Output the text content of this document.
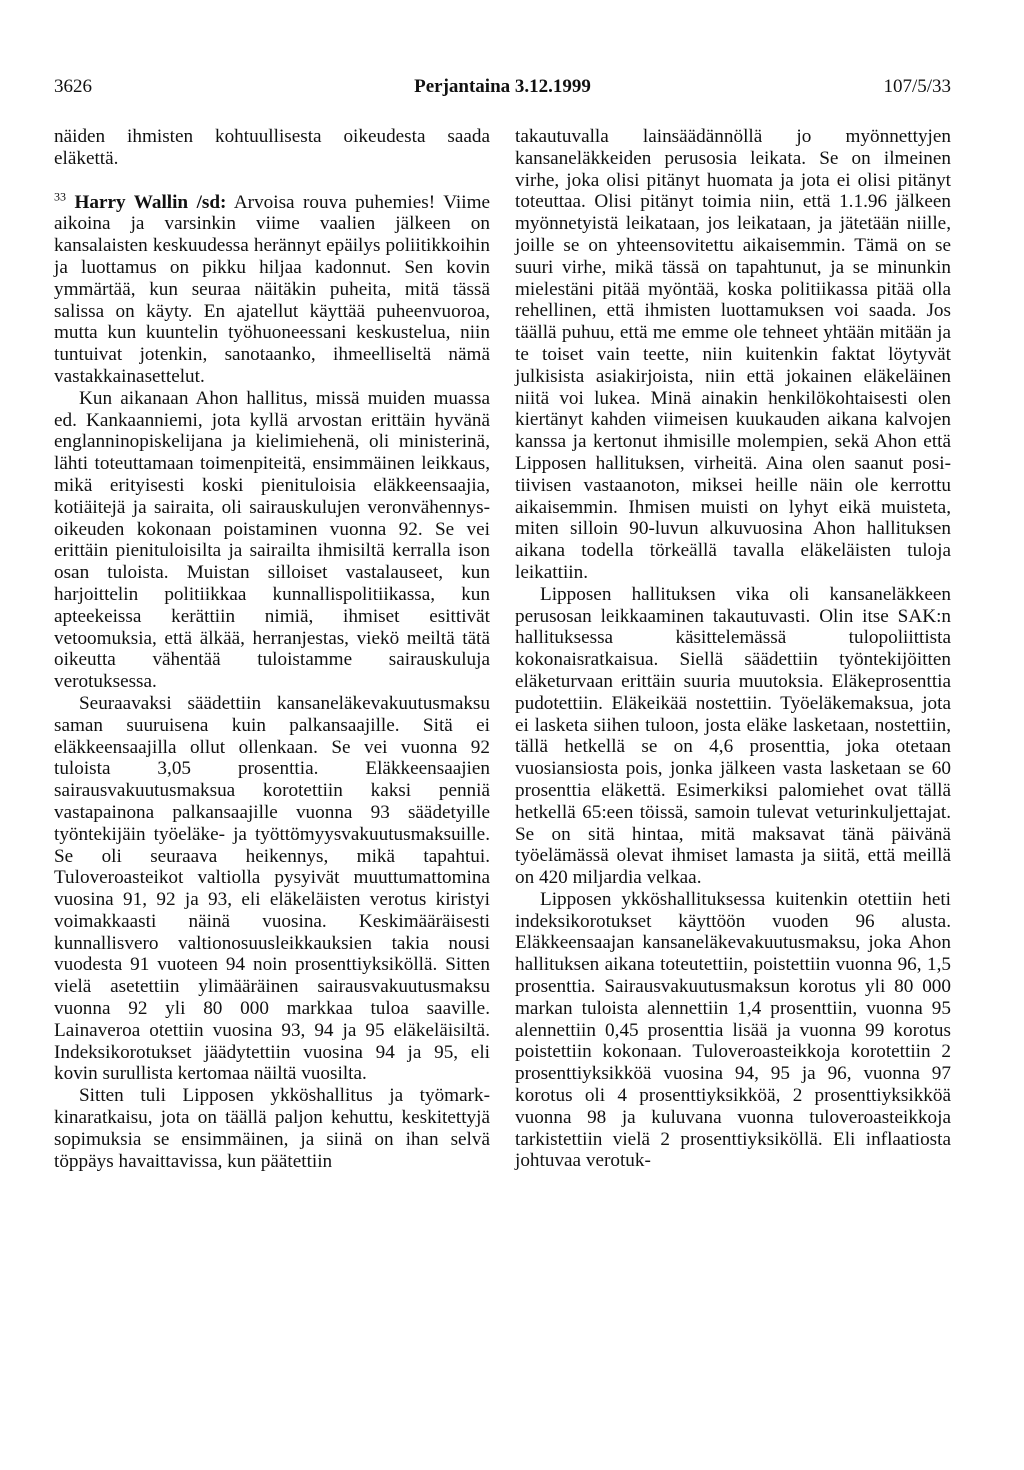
3626	Perjantaina 3.12.1999	107/5/33

näiden ihmisten kohtuullisesta oikeudesta saada eläkettä.

$^{33}$ Harry Wallin /sd: Arvoisa rouva puhemies! Viime aikoina ja varsinkin viime vaalien jälkeen on kansalaisten keskuudessa herännyt epäilys poliitikkoihin ja luottamus on pikku hiljaa kadonnut. Sen kovin ymmärtää, kun seuraa näitäkin puheita, mitä tässä salissa on käyty. En ajatellut käyttää puheenvuoroa, mutta kun kuuntelin työhuoneessani keskustelua, niin tuntuivat jotenkin, sanotaanko, ihmeelliseltä nämä vastakkainasettelut.

Kun aikanaan Ahon hallitus, missä muiden muassa ed. Kankaanniemi, jota kyllä arvostan erittäin hyvänä englanninopiskelijana ja kielimiehenä, oli ministerinä, lähti toteuttamaan toimenpiteitä, ensimmäinen leikkaus, mikä erityisesti koski pienituloisia eläkkeensaajia, kotiäitejä ja sairaita, oli sairauskulujen veronvähennysoikeuden kokonaan poistaminen vuonna 92. Se vei erittäin pienituloisilta ja sairailta ihmisiltä kerralla ison osan tuloista. Muistan silloiset vastalauseet, kun harjoittelin politiikkaa kunnallispolitiikassa, kun apteekeissa kerättiin nimiä, ihmiset esittivät vetoomuksia, että älkää, herranjestas, viekö meiltä tätä oikeutta vähentää tuloistamme sairauskuluja verotuksessa.

Seuraavaksi säädettiin kansaneläkevakuutusmaksu saman suuruisena kuin palkansaajille. Sitä ei eläkkeensaajilla ollut ollenkaan. Se vei vuonna 92 tuloista 3,05 prosenttia. Eläkkeensaajien sairausvakuutusmaksua korotettiin kaksi penniä vastapainona palkansaajille vuonna 93 säädetyille työntekijäin työeläke- ja työttömyysvakuutusmaksuille. Se oli seuraava heikennys, mikä tapahtui. Tuloveroasteikot valtiolla pysyivät muuttumattomina vuosina 91, 92 ja 93, eli eläkeläisten verotus kiristyi voimakkaasti näinä vuosina. Keskimääräisesti kunnallisvero valtionosuusleikkauksien takia nousi vuodesta 91 vuoteen 94 noin prosenttiyksiköllä. Sitten vielä asetettiin ylimääräinen sairausvakuutusmaksu vuonna 92 yli 80 000 markkaa tuloa saaville. Lainaveroa otettiin vuosina 93, 94 ja 95 eläkeläisiltä. Indeksikorotukset jäädytettiin vuosina 94 ja 95, eli kovin surullista kertomaa näiltä vuosilta.

Sitten tuli Lipposen ykköshallitus ja työmarkkinaratkaisu, jota on täällä paljon kehuttu, keskitettyjä sopimuksia se ensimmäinen, ja siinä on ihan selvä töppäys havaittavissa, kun päätettiin

takautuvalla lainsäädännöllä jo myönnettyjen kansaneläkkeiden perusosia leikata. Se on ilmeinen virhe, joka olisi pitänyt huomata ja jota ei olisi pitänyt toteuttaa. Olisi pitänyt toimia niin, että 1.1.96 jälkeen myönnetyistä leikataan, jos leikataan, ja jätetään niille, joille se on yhteensovitettu aikaisemmin. Tämä on se suuri virhe, mikä tässä on tapahtunut, ja se minunkin mielestäni pitää myöntää, koska politiikassa pitää olla rehellinen, että ihmisten luottamuksen voi saada. Jos täällä puhuu, että me emme ole tehneet yhtään mitään ja te toiset vain teette, niin kuitenkin faktat löytyvät julkisista asiakirjoista, niin että jokainen eläkeläinen niitä voi lukea. Minä ainakin henkilökohtaisesti olen kiertänyt kahden viimeisen kuukauden aikana kalvojen kanssa ja kertonut ihmisille molempien, sekä Ahon että Lipposen hallituksen, virheitä. Aina olen saanut positiivisen vastaanoton, miksei heille näin ole kerrottu aikaisemmin. Ihmisen muisti on lyhyt eikä muisteta, miten silloin 90-luvun alkuvuosina Ahon hallituksen aikana todella törkeällä tavalla eläkeläisten tuloja leikattiin.

Lipposen hallituksen vika oli kansaneläkkeen perusosan leikkaaminen takautuvasti. Olin itse SAK:n hallituksessa käsittelemässä tulopoliittista kokonaisratkaisua. Siellä säädettiin työntekijöitten eläketurvaan erittäin suuria muutoksia. Eläkeprosenttia pudotettiin. Eläkeikää nostettiin. Työeläkemaksua, jota ei lasketa siihen tuloon, josta eläke lasketaan, nostettiin, tällä hetkellä se on 4,6 prosenttia, joka otetaan vuosiansiosta pois, jonka jälkeen vasta lasketaan se 60 prosenttia eläkettä. Esimerkiksi palomiehet ovat tällä hetkellä 65:een töissä, samoin tulevat veturinkuljettajat. Se on sitä hintaa, mitä maksavat tänä päivänä työelämässä olevat ihmiset lamasta ja siitä, että meillä on 420 miljardia velkaa.

Lipposen ykköshallituksessa kuitenkin otettiin heti indeksikorotukset käyttöön vuoden 96 alusta. Eläkkeensaajan kansaneläkevakuutusmaksu, joka Ahon hallituksen aikana toteutettiin, poistettiin vuonna 96, 1,5 prosenttia. Sairausvakuutusmaksun korotus yli 80 000 markan tuloista alennettiin 1,4 prosenttiin, vuonna 95 alennettiin 0,45 prosenttia lisää ja vuonna 99 korotus poistettiin kokonaan. Tuloveroasteikkoja korotettiin 2 prosenttiyksikköä vuosina 94, 95 ja 96, vuonna 97 korotus oli 4 prosenttiyksikköä, 2 prosenttiyksikköä vuonna 98 ja kuluvana vuonna tuloveroasteikkoja tarkistettiin vielä 2 prosenttiyksiköllä. Eli inflaatiosta johtuvaa verotuk-
